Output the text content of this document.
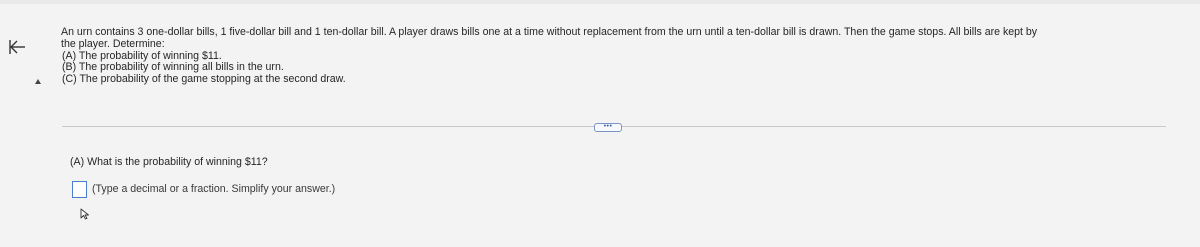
An urn contains 3 one-dollar bills, 1 five-dollar bill and 1 ten-dollar bill. A player draws bills one at a time without replacement from the urn until a ten-dollar bill is drawn. Then the game stops. All bills are kept by
the player. Determine:
(A) The probability of winning $11.
(B) The probability of winning all bills in the urn.
(C) The probability of the game stopping at the second draw.
•••
(A) What is the probability of winning $11?
(Type a decimal or a fraction. Simplify your answer.)
